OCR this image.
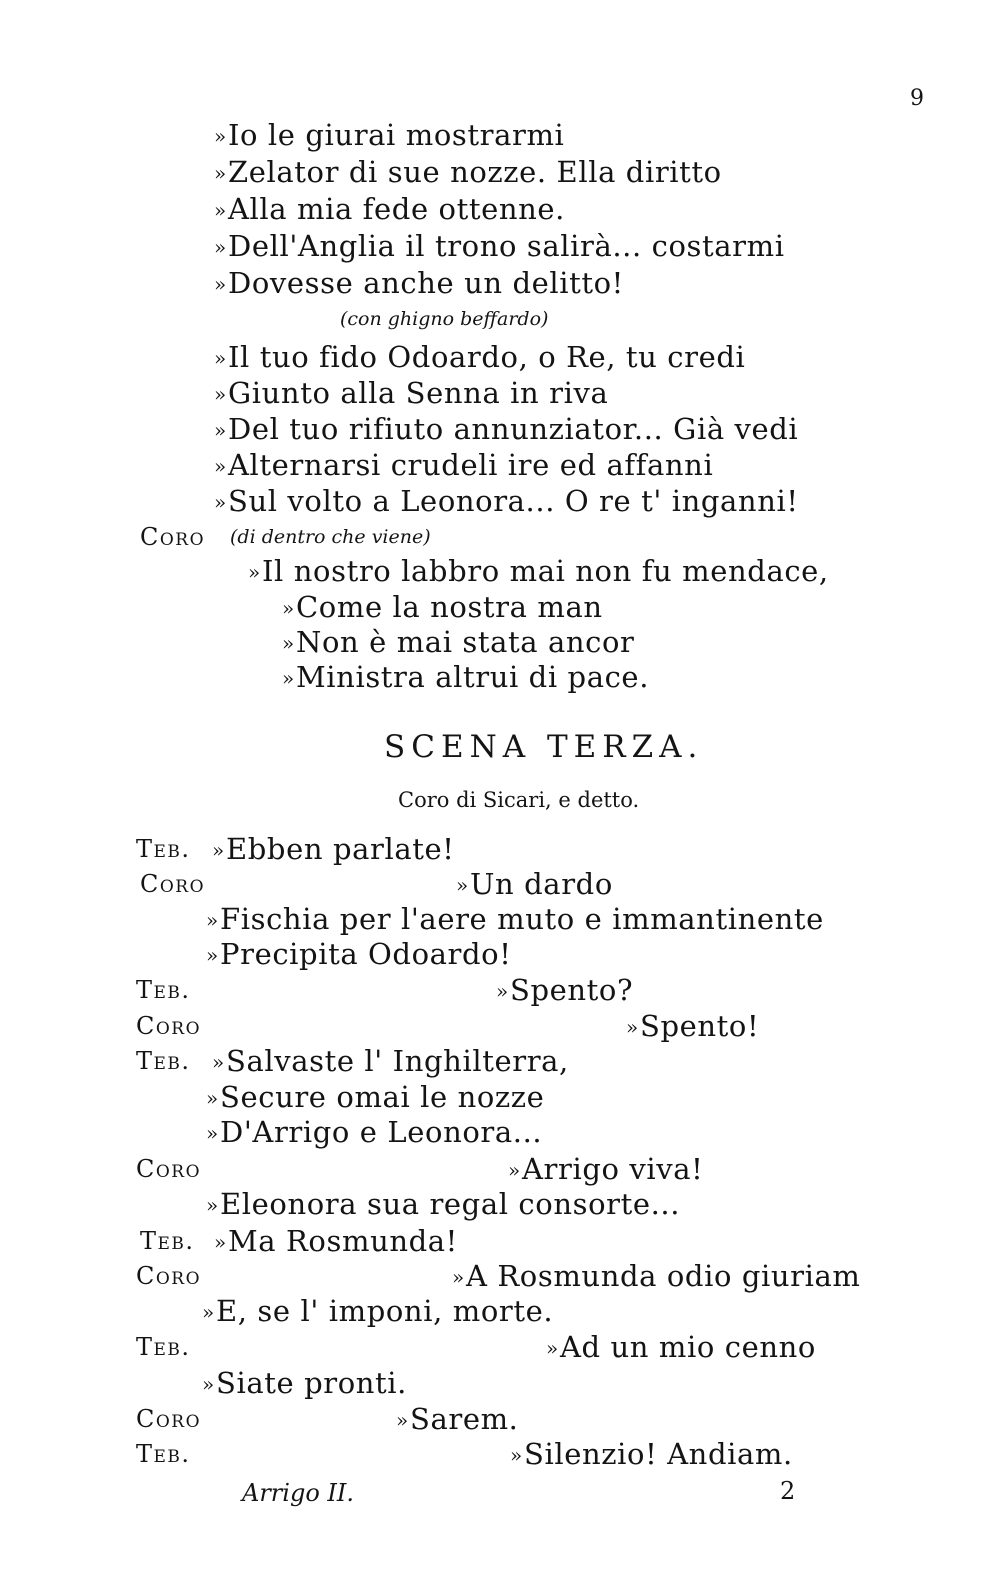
9
»Io le giurai mostrarmi
»Zelator di sue nozze. Ella diritto
»Alla mia fede ottenne.
»Dell'Anglia il trono salirà... costarmi
»Dovesse anche un delitto!
(con ghigno beffardo)
»Il tuo fido Odoardo, o Re, tu credi
»Giunto alla Senna in riva
»Del tuo rifiuto annunziator... Già vedi
»Alternarsi crudeli ire ed affanni
»Sul volto a Leonora... O re t' inganni!
Coro (di dentro che viene)
»Il nostro labbro mai non fu mendace,
»Come la nostra man
»Non è mai stata ancor
»Ministra altrui di pace.
SCENA TERZA.
Coro di Sicari, e detto.
Teb. »Ebben parlate!
Coro	»Un dardo
»Fischia per l'aere muto e immantinente
»Precipita Odoardo!
Teb.	»Spento?
Coro	»Spento!
Teb. »Salvaste l' Inghilterra,
»Secure omai le nozze
»D'Arrigo e Leonora...
Coro	»Arrigo viva!
»Eleonora sua regal consorte...
Teb. »Ma Rosmunda!
Coro	»A Rosmunda odio giuriam
»E, se l' imponi, morte.
Teb.	»Ad un mio cenno
»Siate pronti.
Coro	»Sarem.
Teb.	»Silenzio! Andiam.
Arrigo II.	2
